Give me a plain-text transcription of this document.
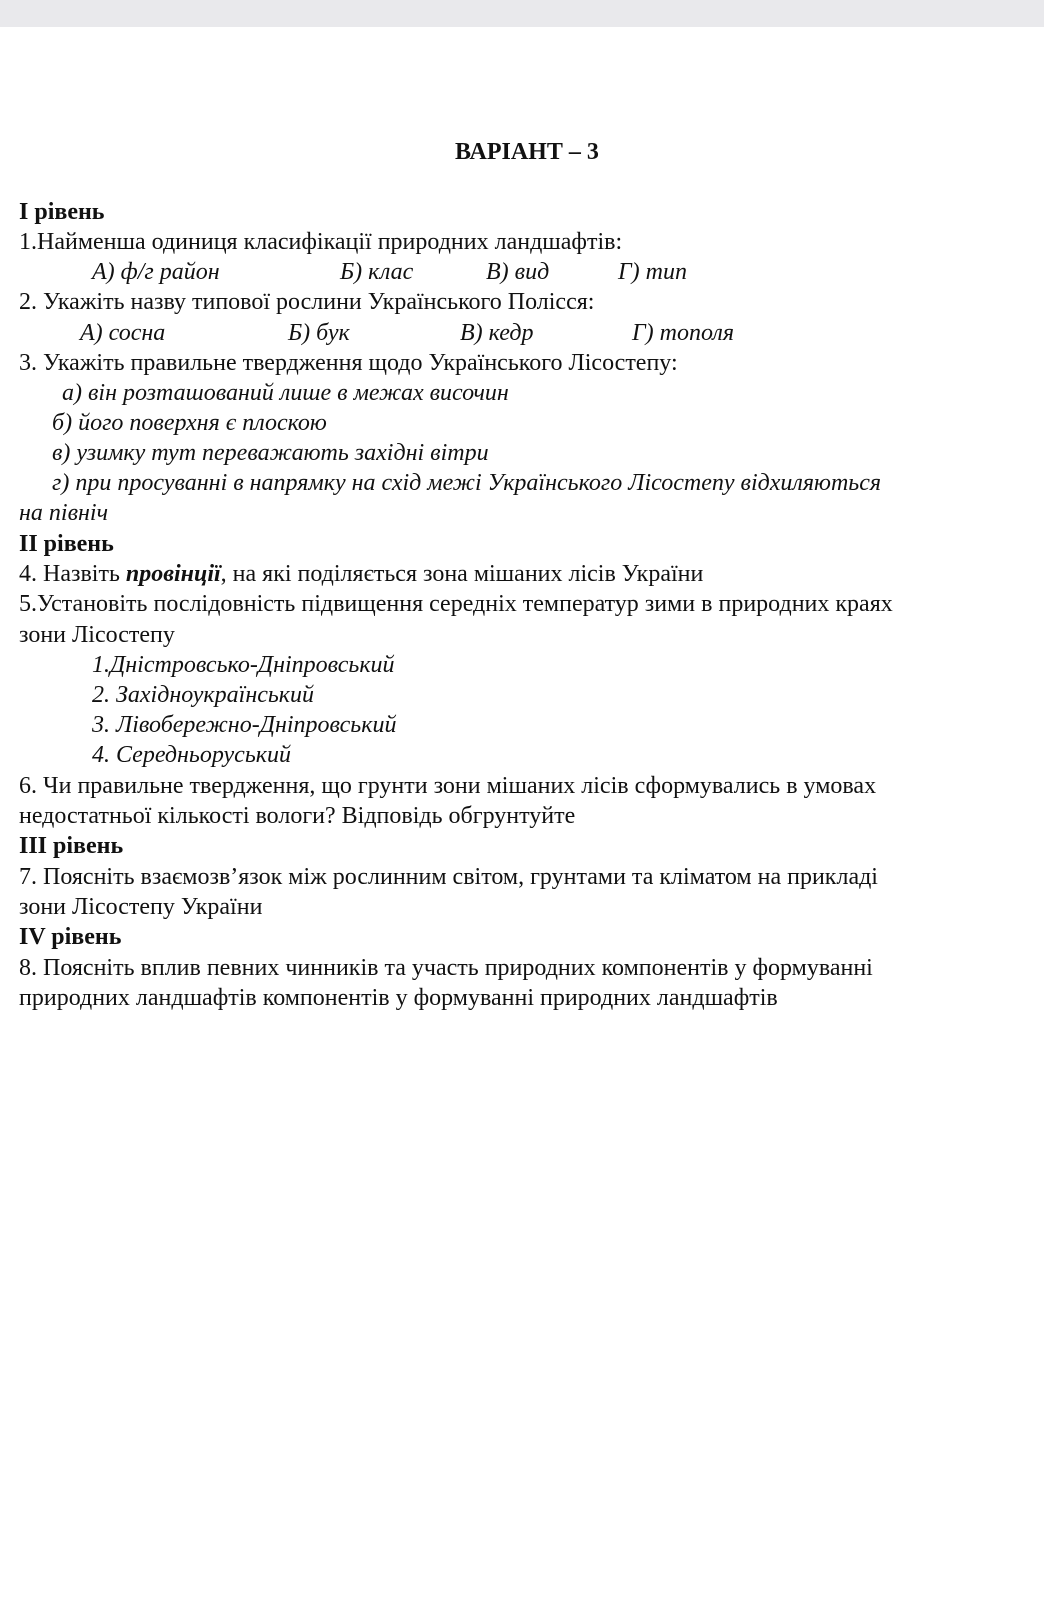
ВАРІАНТ – 3
І рівень
1.Найменша одиниця класифікації природних ландшафтів:
А) ф/г район	Б) клас	В) вид	Г) тип
2. Укажіть назву типової рослини Українського Полісся:
А) сосна	Б) бук	В) кедр	Г) тополя
3. Укажіть правильне твердження щодо Українського Лісостепу:
а) він розташований лише в межах височин
б) його поверхня є плоскою
в) узимку тут переважають західні вітри
г) при просуванні в напрямку на схід межі Українського Лісостепу відхиляються
на північ
ІІ рівень
4. Назвіть провінції, на які поділяється зона мішаних лісів України
5.Установіть послідовність підвищення середніх температур зими в природних краях
зони Лісостепу
1.Дністровсько-Дніпровський
2. Західноукраїнський
3. Лівобережно-Дніпровський
4. Середньоруський
6. Чи правильне твердження, що грунти зони мішаних лісів сформувались в умовах
недостатньої кількості вологи? Відповідь обгрунтуйте
ІІІ рівень
7. Поясніть взаємозв’язок між рослинним світом, грунтами та кліматом на прикладі
зони Лісостепу України
IV рівень
8. Поясніть вплив певних чинників та участь природних компонентів у формуванні
природних ландшафтів компонентів у формуванні природних ландшафтів
